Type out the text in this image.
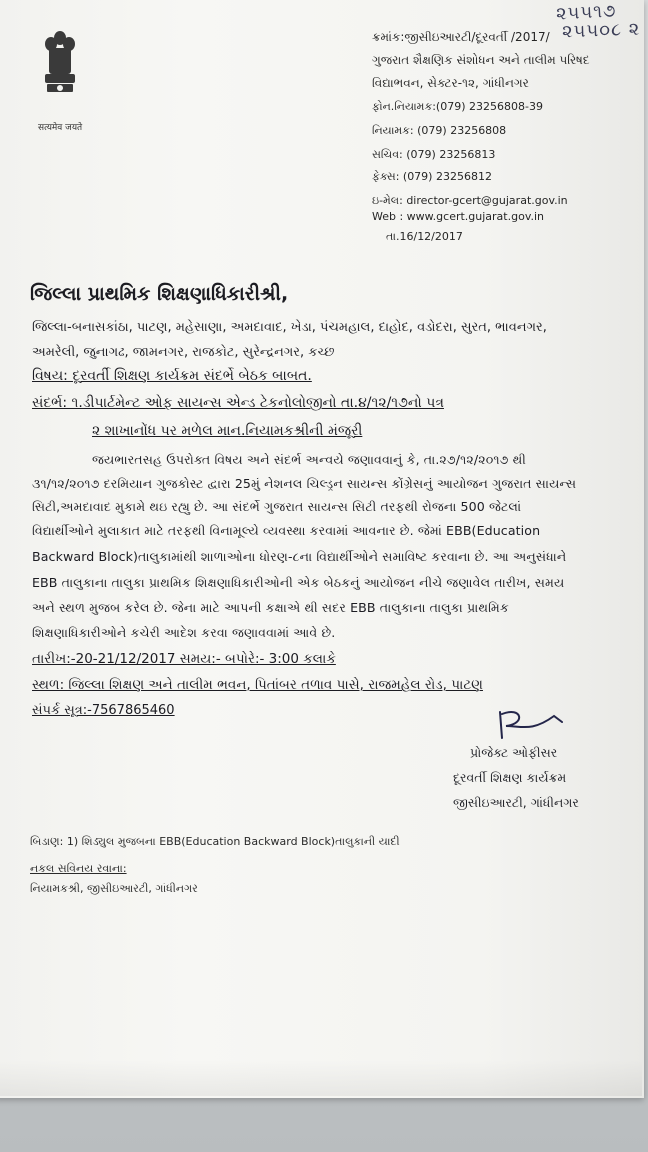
૨૫૫૧૭
૨૫૫૦૮ ૨
सत्यमेव जयते
ક્રમાંક:જીસીઇઆરટી/દૂરવર્તી /2017/
ગુજરાત શૈક્ષણિક સંશોધન અને તાલીમ પરિષદ
વિદ્યાભવન, સેક્ટર-૧૨, ગાંધીનગર
ફોન.નિયામક:(079) 23256808-39
નિયામક: (079) 23256808
સચિવ: (079) 23256813
ફેક્સ: (079) 23256812
ઇ-મેલ: director-gcert@gujarat.gov.in
Web : www.gcert.gujarat.gov.in
તા.16/12/2017
જિલ્લા પ્રાથમિક શિક્ષણાધિકારીશ્રી,
જિલ્લા-બનાસકાંઠા, પાટણ, મહેસાણા, અમદાવાદ, ખેડા, પંચમહાલ, દાહોદ, વડોદરા, સુરત, ભાવનગર,
અમરેલી, જુનાગઢ, જામનગર, રાજકોટ, સુરેન્દ્રનગર, કચ્છ
વિષય: દૂરવર્તી શિક્ષણ કાર્યક્રમ સંદર્ભે બેઠક બાબત.
સંદર્ભ: ૧.ડીપાર્ટમેન્ટ ઓફ સાયન્સ એન્ડ ટેકનોલોજીનો તા.૪/૧૨/૧૭નો પત્ર
૨ શાખાનોંધ પર મળેલ માન.નિયામકશ્રીની મંજૂરી
જયભારતસહ ઉપરોક્ત વિષય અને સંદર્ભ અન્વયે જણાવવાનું કે, તા.૨૭/૧૨/૨૦૧૭ થી
૩૧/૧૨/૨૦૧૭ દરમિયાન ગુજકોસ્ટ દ્વારા 25મું નેશનલ ચિલ્ડ્રન સાયન્સ કોંગ્રેસનું આયોજન ગુજરાત સાયન્સ
સિટી,અમદાવાદ મુકામે થઇ રહ્યુ છે. આ સંદર્ભે ગુજરાત સાયન્સ સિટી તરફથી રોજના 500 જેટલાં
વિદ્યાર્થીઓને મુલાકાત માટે તરફથી વિનામૂલ્યે વ્યવસ્થા કરવામાં આવનાર છે. જેમાં EBB(Education
Backward Block)તાલુકામાંથી શાળાઓના ધોરણ-૮ના વિદ્યાર્થીઓને સમાવિષ્ટ કરવાના છે. આ અનુસંધાને
EBB તાલુકાના તાલુકા પ્રાથમિક શિક્ષણાધિકારીઓની એક બેઠકનું આયોજન નીચે જણાવેલ તારીખ, સમય
અને સ્થળ મુજબ કરેલ છે. જેના માટે આપની કક્ષાએ થી સદર EBB તાલુકાના તાલુકા પ્રાથમિક
શિક્ષણાધિકારીઓને કચેરી આદેશ કરવા જણાવવામાં આવે છે.
તારીખ:-20-21/12/2017 સમય:- બપોરે:- 3:00 કલાકે
સ્થળ: જિલ્લા શિક્ષણ અને તાલીમ ભવન, પિતાંબર તળાવ પાસે, રાજમહેલ રોડ, પાટણ
સંપર્ક સૂત્ર:-7567865460
પ્રોજેક્ટ ઓફીસર
દૂરવર્તી શિક્ષણ કાર્યક્રમ
જીસીઇઆરટી, ગાંધીનગર
બિડાણ: 1) શિડ્યુલ મુજબના EBB(Education Backward Block)તાલુકાની યાદી
નકલ સવિનય રવાના:
નિયામકશ્રી, જીસીઇઆરટી, ગાંધીનગર
